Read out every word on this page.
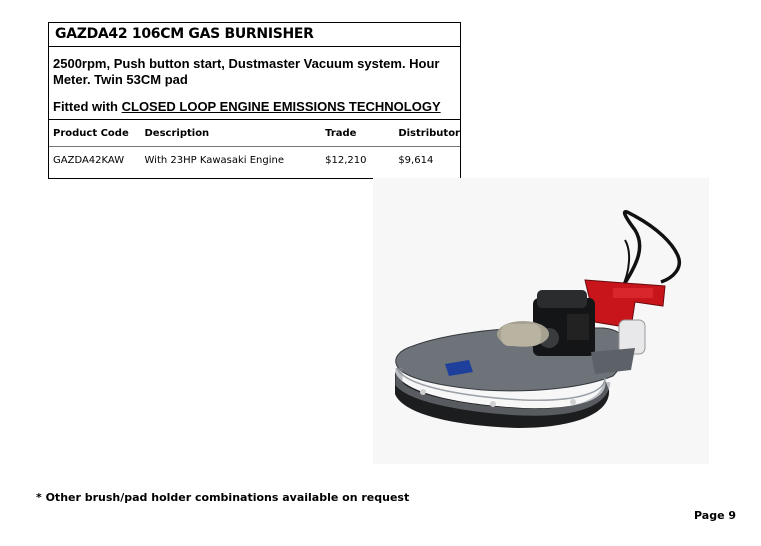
GAZDA42 106CM GAS BURNISHER
2500rpm, Push button start, Dustmaster Vacuum system. Hour Meter. Twin 53CM pad
Fitted with CLOSED LOOP ENGINE EMISSIONS TECHNOLOGY
Product Code	Description	Trade	Distributor
GAZDA42KAW	With 23HP Kawasaki Engine	$12,210	$9,614
* Other brush/pad holder combinations available on request
Page 9
